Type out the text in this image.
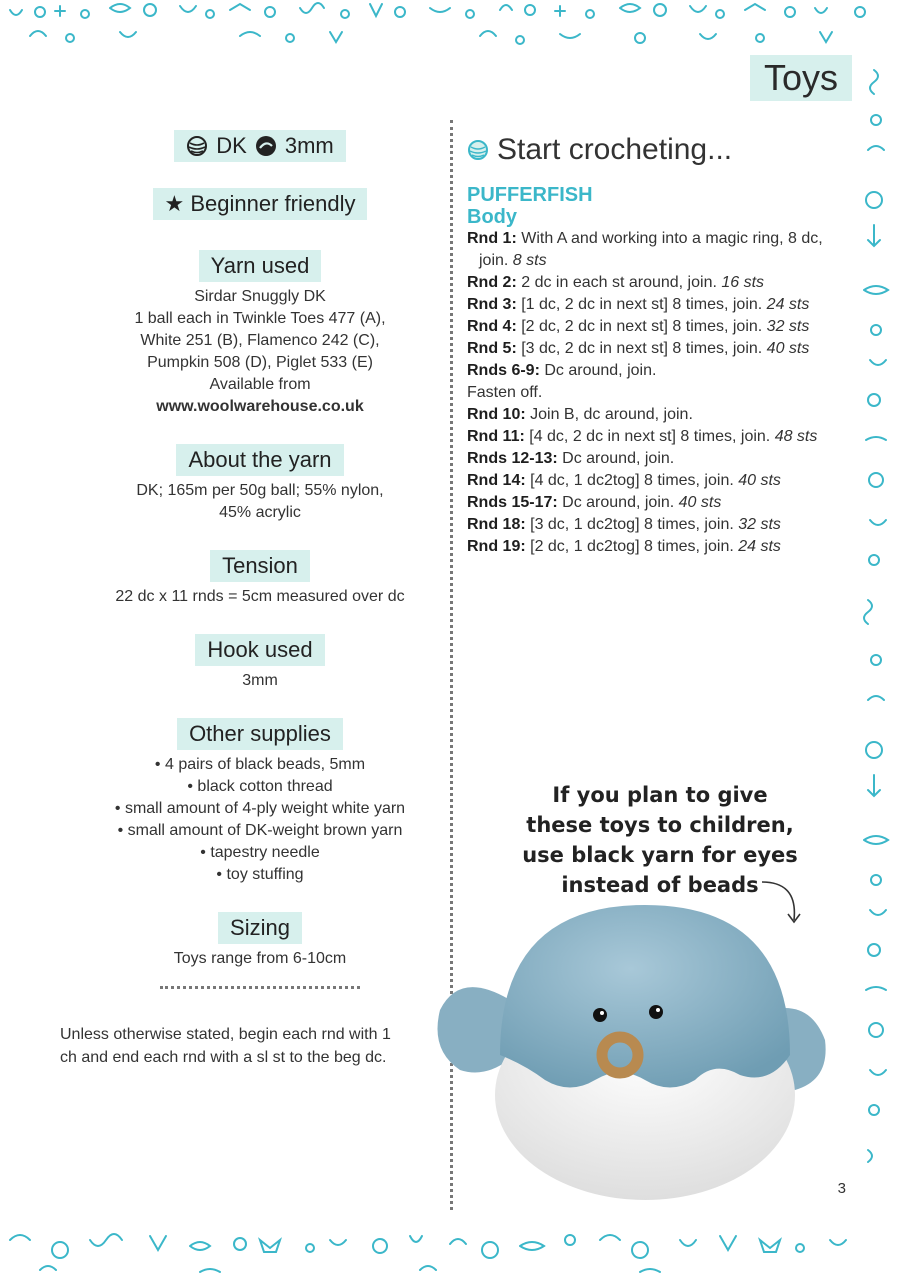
Toys
DK 3mm
★ Beginner friendly
Yarn used

Sirdar Snuggly DK

1 ball each in Twinkle Toes 477 (A),

White 251 (B), Flamenco 242 (C),

Pumpkin 508 (D), Piglet 533 (E)

Available from

www.woolwarehouse.co.uk

About the yarn

DK; 165m per 50g ball; 55% nylon,

45% acrylic

Tension

22 dc x 11 rnds = 5cm measured over dc

Hook used

3mm

Other supplies

• 4 pairs of black beads, 5mm

• black cotton thread

• small amount of 4-ply weight white yarn

• small amount of DK-weight brown yarn

• tapestry needle

• toy stuffing

Sizing

Toys range from 6-10cm

Unless otherwise stated, begin each rnd with 1 ch and end each rnd with a sl st to the beg dc.
Start crocheting...

PUFFERFISH

Body

Rnd 1: With A and working into a magic ring, 8 dc, join. 8 sts

Rnd 2: 2 dc in each st around, join. 16 sts

Rnd 3: [1 dc, 2 dc in next st] 8 times, join. 24 sts

Rnd 4: [2 dc, 2 dc in next st] 8 times, join. 32 sts

Rnd 5: [3 dc, 2 dc in next st] 8 times, join. 40 sts

Rnds 6-9: Dc around, join.

Fasten off.

Rnd 10: Join B, dc around, join.

Rnd 11: [4 dc, 2 dc in next st] 8 times, join. 48 sts

Rnds 12-13: Dc around, join.

Rnd 14: [4 dc, 1 dc2tog] 8 times, join. 40 sts

Rnds 15-17: Dc around, join. 40 sts

Rnd 18: [3 dc, 1 dc2tog] 8 times, join. 32 sts

Rnd 19: [2 dc, 1 dc2tog] 8 times, join. 24 sts

If you plan to give
these toys to children,
use black yarn for eyes
instead of beads
3
